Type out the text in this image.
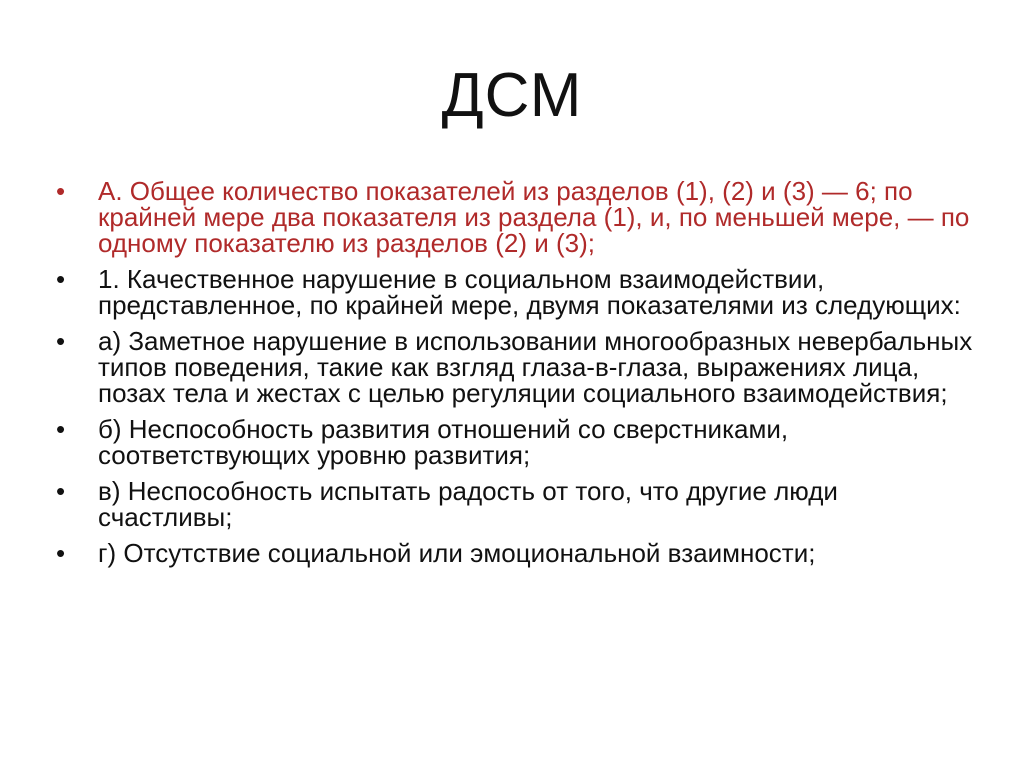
ДСМ
•	А. Общее количество показателей из разделов (1), (2) и (3) — 6; по крайней мере два показателя из раздела (1), и, по меньшей мере, — по одному показателю из разделов (2) и (3);
•	1. Качественное нарушение в социальном взаимодействии, представленное, по крайней мере, двумя показателями из следующих:
•	а) Заметное нарушение в использовании многообразных невербальных типов поведения, такие как взгляд глаза-в-глаза, выражениях лица, позах тела и жестах с целью регуляции социального взаимодействия;
•	б) Неспособность развития отношений со сверстниками, соответствующих уровню развития;
•	в) Неспособность испытать радость от того, что другие люди счастливы;
•	г) Отсутствие социальной или эмоциональной взаимности;
